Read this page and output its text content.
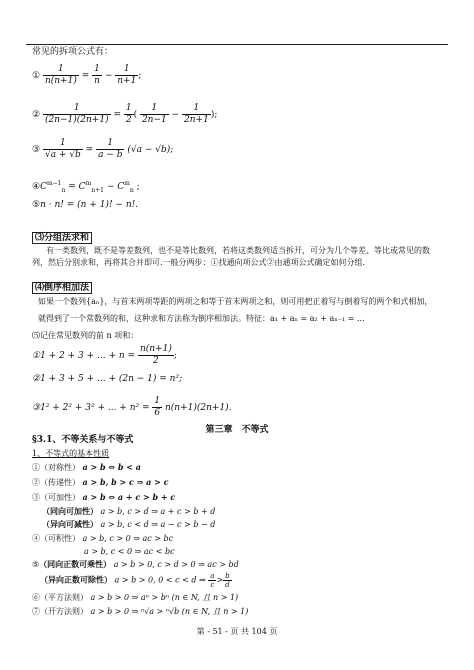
常见的拆项公式有：
① $\frac{1}{n(n+1)} = \frac{1}{n} - \frac{1}{n+1}$ ;
② $\frac{1}{(2n-1)(2n+1)} = \frac{1}{2}$ ( $\frac{1}{2n-1} - \frac{1}{2n+1}$ );
③ $\frac{1}{√a + √b} = \frac{1}{a - b} (√a - √b)$;
$④C^{m-1}_n = C^m_{n+1} - C^m_n$ ;
⑤n · n! = (n + 1)! − n!.
⑶分组法求和
有一类数列，既不是等差数列，也不是等比数列，若将这类数列适当拆开，可分为几个等差、等比或常见的数列，然后分别求和，再将其合并即可.一般分两步：①找通向项公式②由通项公式确定如何分组.
⑷倒序相加法
如果一个数列{aₙ}，与首末两项等距的两项之和等于首末两项之和，则可用把正着写与倒着写的两个和式相加，
就得到了一个常数列的和，这种求和方法称为倒序相加法。特征：a₁ + aₙ = a₂ + aₙ₋₁ = ...
⑸记住常见数列的前 n 项和：
①1 + 2 + 3 + ... + $n = \frac{n(n+1)}{2}$ ;
②1 + 3 + 5 + ... + (2n − 1) = n²;
③1² + 2² + 3² + ... + $n^2 = \frac{1}{6} n(n+1)(2n+1)$.
第三章　不等式
§3.1、不等关系与不等式
1、不等式的基本性质
①（对称性） a > b ⇔ b < a
②（传递性） a > b, b > c ⇒ a > c
③（可加性） a > b ⇔ a + c > b + c
（同向可加性） a > b, c > d ⇒ a + c > b + d
（异向可减性） a > b, c < d ⇒ a − c > b − d
④（可积性） a > b, c > 0 ⇒ ac > bc
a > b, c < 0 ⇒ ac < bc
⑤（同向正数可乘性） a > b > 0, c > d > 0 ⇒ ac > bd
（异向正数可除性） a > b > 0, 0 < c < d ⇒ $\frac{a}{c} > \frac{b}{d}$
⑥（平方法则） a > b > 0 ⇒ aⁿ > bⁿ (n ∈ N, 且 n > 1)
⑦（开方法则） a > b > 0 ⇒ ⁿ√a > ⁿ√b (n ∈ N, 且 n > 1)
第 - 51 - 页 共 104 页
